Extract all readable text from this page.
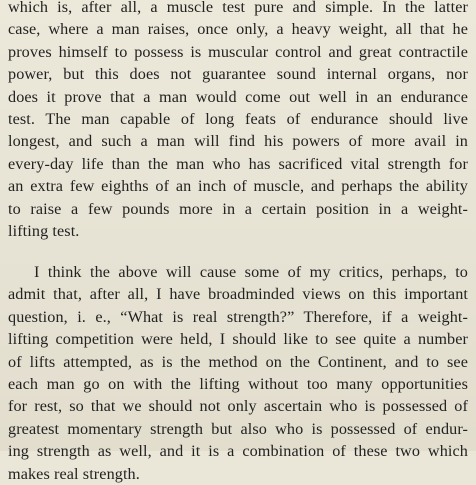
which is, after all, a muscle test pure and simple. In the latter
case, where a man raises, once only, a heavy weight, all that he
proves himself to possess is muscular control and great contractile
power, but this does not guarantee sound internal organs, nor
does it prove that a man would come out well in an endurance
test. The man capable of long feats of endurance should live
longest, and such a man will find his powers of more avail in
every-day life than the man who has sacrificed vital strength for
an extra few eighths of an inch of muscle, and perhaps the ability
to raise a few pounds more in a certain position in a weight-
lifting test.
I think the above will cause some of my critics, perhaps, to
admit that, after all, I have broadminded views on this important
question, i. e., “What is real strength?” Therefore, if a weight-
lifting competition were held, I should like to see quite a number
of lifts attempted, as is the method on the Continent, and to see
each man go on with the lifting without too many opportunities
for rest, so that we should not only ascertain who is possessed of
greatest momentary strength but also who is possessed of endur-
ing strength as well, and it is a combination of these two which
makes real strength.
